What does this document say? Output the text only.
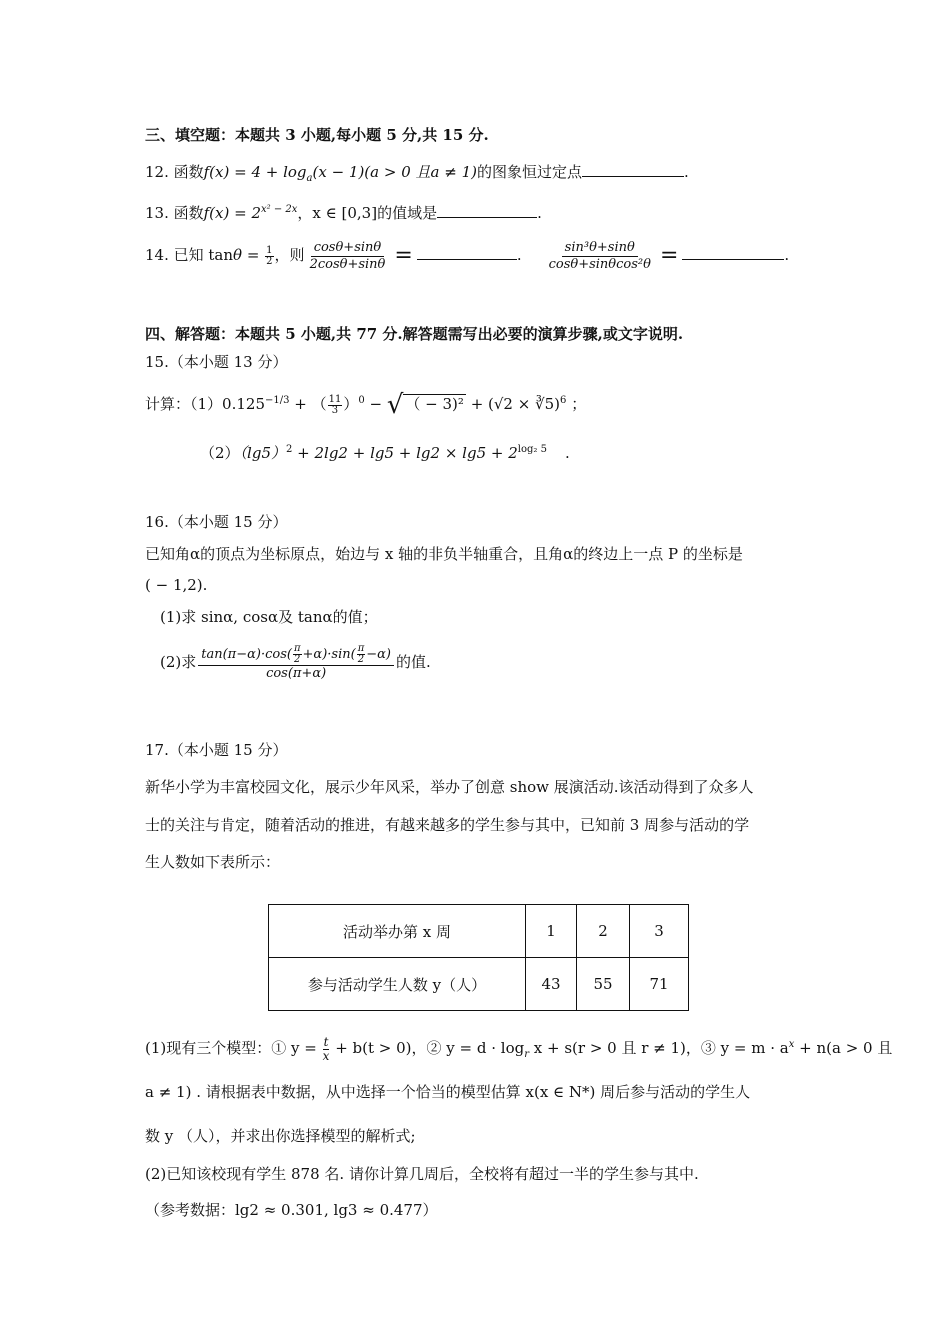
三、填空题：本题共 3 小题,每小题 5 分,共 15 分.
12. 函数$f(x) = 4 + \log_a(x - 1)(a > 0$ 且a ≠ 1)的图象恒过定点	.
13. 函数$f(x) = 2^{x^2 - 2x}$，x ∈ [0,3]的值域是	.
14. 已知 $\tan\theta = \frac{1}{2}$ ，则 $\frac{\cos\theta+\sin\theta}{2\cos\theta+\sin\theta}$ =	. $\frac{\text{sin³θ+sinθ}}{\text{cosθ+sinθcos²θ}}$ =	.
四、解答题：本题共 5 小题,共 77 分.解答题需写出必要的演算步骤,或文字说明.
15.（本小题 13 分）
计算：$(1)0.125^{-1/3}$ + （ $\frac{11}{3} )^0$ − √ （ − 3)² + (√2 × ∛5)$^6$ ；
$(2)(\lg 5)^2 + 2\lg 2 + \lg 5 + \lg 2 \times \lg 5 + 2^{log_2 5}$ .
16.（本小题 15 分）
已知角α的顶点为坐标原点，始边与 x 轴的非负半轴重合，且角α的终边上一点 P 的坐标是
( − 1,2).
(1)求 sinα, cosα及 tanα的值；
(2)求 $\frac{\tan(\pi-\alpha)\cdot\cos( \frac{\pi}{2} +\alpha)\cdot\sin( \frac{\pi}{2} -\alpha)}{\cos(\pi+\alpha)}$ 的值.
17.（本小题 15 分）
新华小学为丰富校园文化，展示少年风采，举办了创意 show 展演活动.该活动得到了众多人
士的关注与肯定，随着活动的推进，有越来越多的学生参与其中，已知前 3 周参与活动的学
生人数如下表所示：
活动举办第 x 周	1	2	3
参与活动学生人数 y（人）	43	55	71
(1)现有三个模型：① $y = \frac{t}{x} + b(t > 0)$，② $y = d \cdot \log_r x + s(r > 0$ 且 r ≠ 1)，③ $y = m \cdot a^x + n(a > 0$ 且
a ≠ 1) . 请根据表中数据，从中选择一个恰当的模型估算 x(x ∈ N*) 周后参与活动的学生人
数 y （人），并求出你选择模型的解析式;
(2)已知该校现有学生 878 名. 请你计算几周后，全校将有超过一半的学生参与其中.
（参考数据：lg2 ≈ 0.301, lg3 ≈ 0.477）
